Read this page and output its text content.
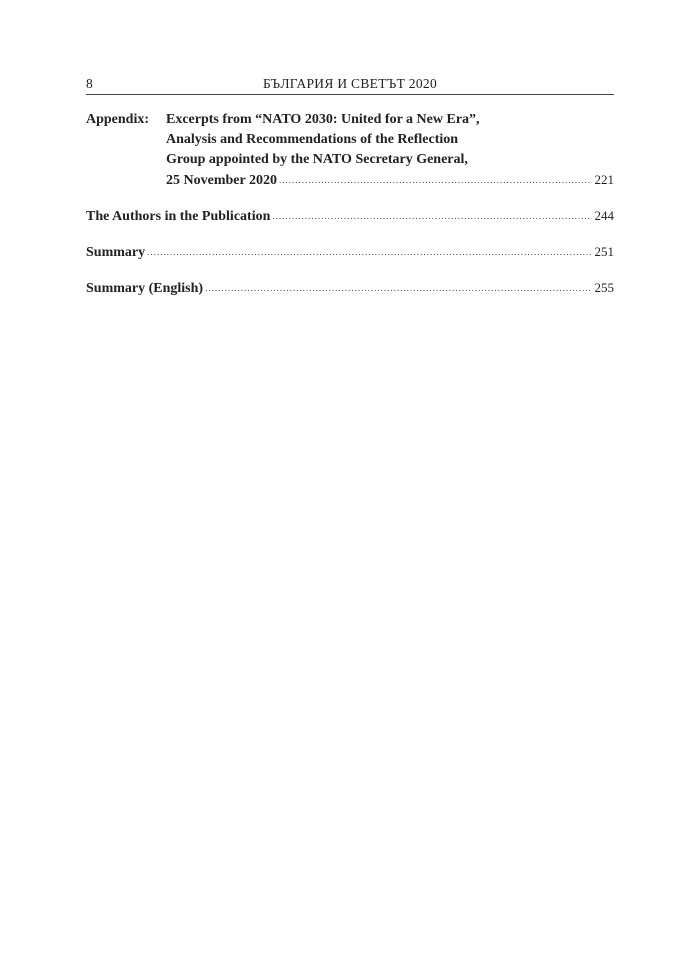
8	БЪЛГАРИЯ И СВЕТЪТ 2020
Appendix:	Excerpts from “NATO 2030: United for a New Era”,
Analysis and Recommendations of the Reflection
Group appointed by the NATO Secretary General,
25 November 2020 .....	221
The Authors in the Publication .....	244
Summary .....	251
Summary (English) .....	255
